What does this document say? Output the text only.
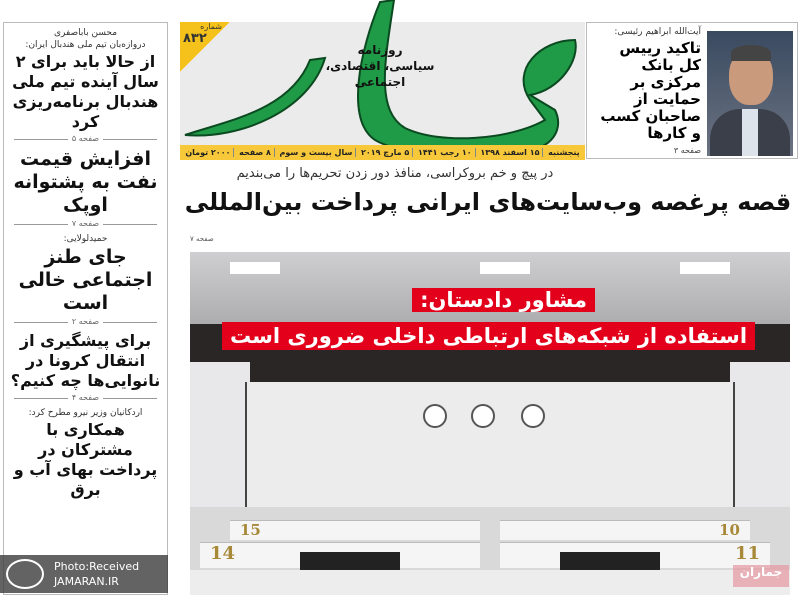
محسن باباصفری
دروازه‌بان تیم ملی هندبال ایران:
از حالا باید برای ۲ سال آینده تیم ملی هندبال برنامه‌ریزی کرد
صفحه ۵
افزایش قیمت نفت به پشتوانه اوپک
صفحه ۷
حمیدلولایی:
جای طنز اجتماعی خالی است
صفحه ۲
برای پیشگیری از انتقال کرونا در نانوایی‌ها چه کنیم؟
صفحه ۴
اردکانیان وزیر نیرو مطرح کرد:
همکاری با مشترکان در پرداخت بهای آب و برق
شماره
۸۳۲
روزنامه
سیاسی، اقتصادی، اجتماعی
پنجشنبه
۱۵ اسفند ۱۳۹۸
۱۰ رجب ۱۴۴۱
۵ مارچ ۲۰۱۹
سال بیست و سوم
۸ صفحه
۲۰۰۰ تومان
آیت‌الله ابراهیم رئیسی:
تاکید رییس کل بانک مرکزی بر حمایت از صاحبان کسب و کارها
صفحه ۳
در پیچ و خم بروکراسی، منافذ دور زدن تحریم‌ها را می‌بندیم
قصه پرغصه وب‌سایت‌های ایرانی پرداخت بین‌المللی
صفحه ۷
15	10
14	11
مشاور دادستان:
استفاده از شبکه‌های ارتباطی داخلی ضروری است
Photo:Received
JAMARAN.IR
جماران
